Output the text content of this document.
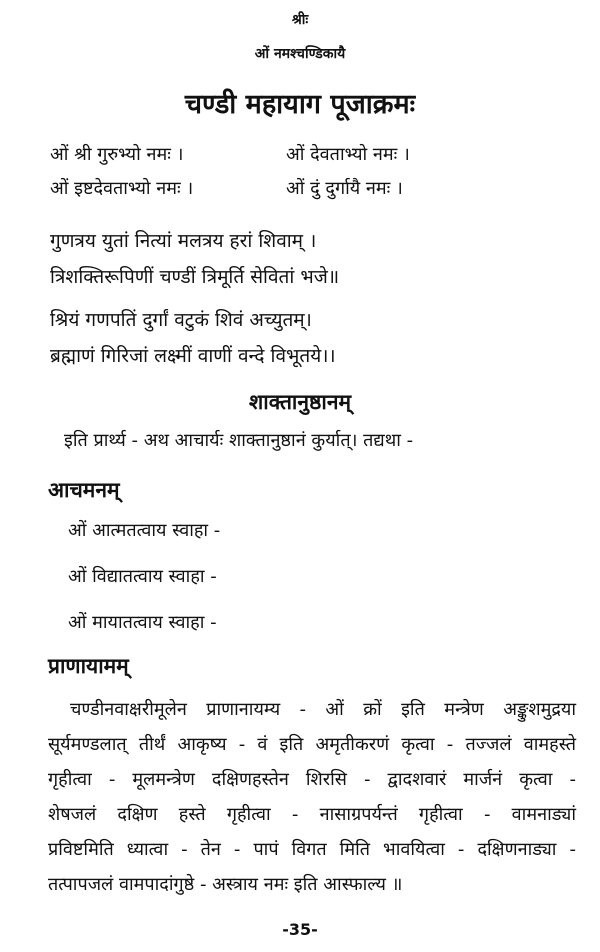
श्रीः
ओं नमश्चण्डिकायै
चण्डी महायाग पूजाक्रमः
ओं श्री गुरुभ्यो नमः ।	ओं देवताभ्यो नमः ।
ओं इष्टदेवताभ्यो नमः ।	ओं दुं दुर्गायै नमः ।
गुणत्रय युतां नित्यां मलत्रय हरां शिवाम् ।
त्रिशक्तिरूपिणीं चण्डीं त्रिमूर्ति सेवितां भजे॥
श्रियं गणपतिं दुर्गां वटुकं शिवं अच्युतम्।
ब्रह्माणं गिरिजां लक्ष्मीं वाणीं वन्दे विभूतये।।
शाक्तानुष्ठानम्
इति प्रार्थ्य - अथ आचार्यः शाक्तानुष्ठानं कुर्यात्। तद्यथा -
आचमनम्
ओं आत्मतत्वाय स्वाहा -
ओं विद्यातत्वाय स्वाहा -
ओं मायातत्वाय स्वाहा -
प्राणायामम्
चण्डीनवाक्षरीमूलेन प्राणानायम्य - ओं क्रों इति मन्त्रेण अङ्कुशमुद्रया
सूर्यमण्डलात् तीर्थं आकृष्य - वं इति अमृतीकरणं कृत्वा - तज्जलं वामहस्ते
गृहीत्वा - मूलमन्त्रेण दक्षिणहस्तेन शिरसि - द्वादशवारं मार्जनं कृत्वा -
शेषजलं दक्षिण हस्ते गृहीत्वा - नासाग्रपर्यन्तं गृहीत्वा - वामनाड्यां
प्रविष्टमिति ध्यात्वा - तेन - पापं विगत मिति भावयित्वा - दक्षिणनाड्या -
तत्पापजलं वामपादांगुष्ठे - अस्त्राय नमः इति आस्फाल्य ॥
-35-
